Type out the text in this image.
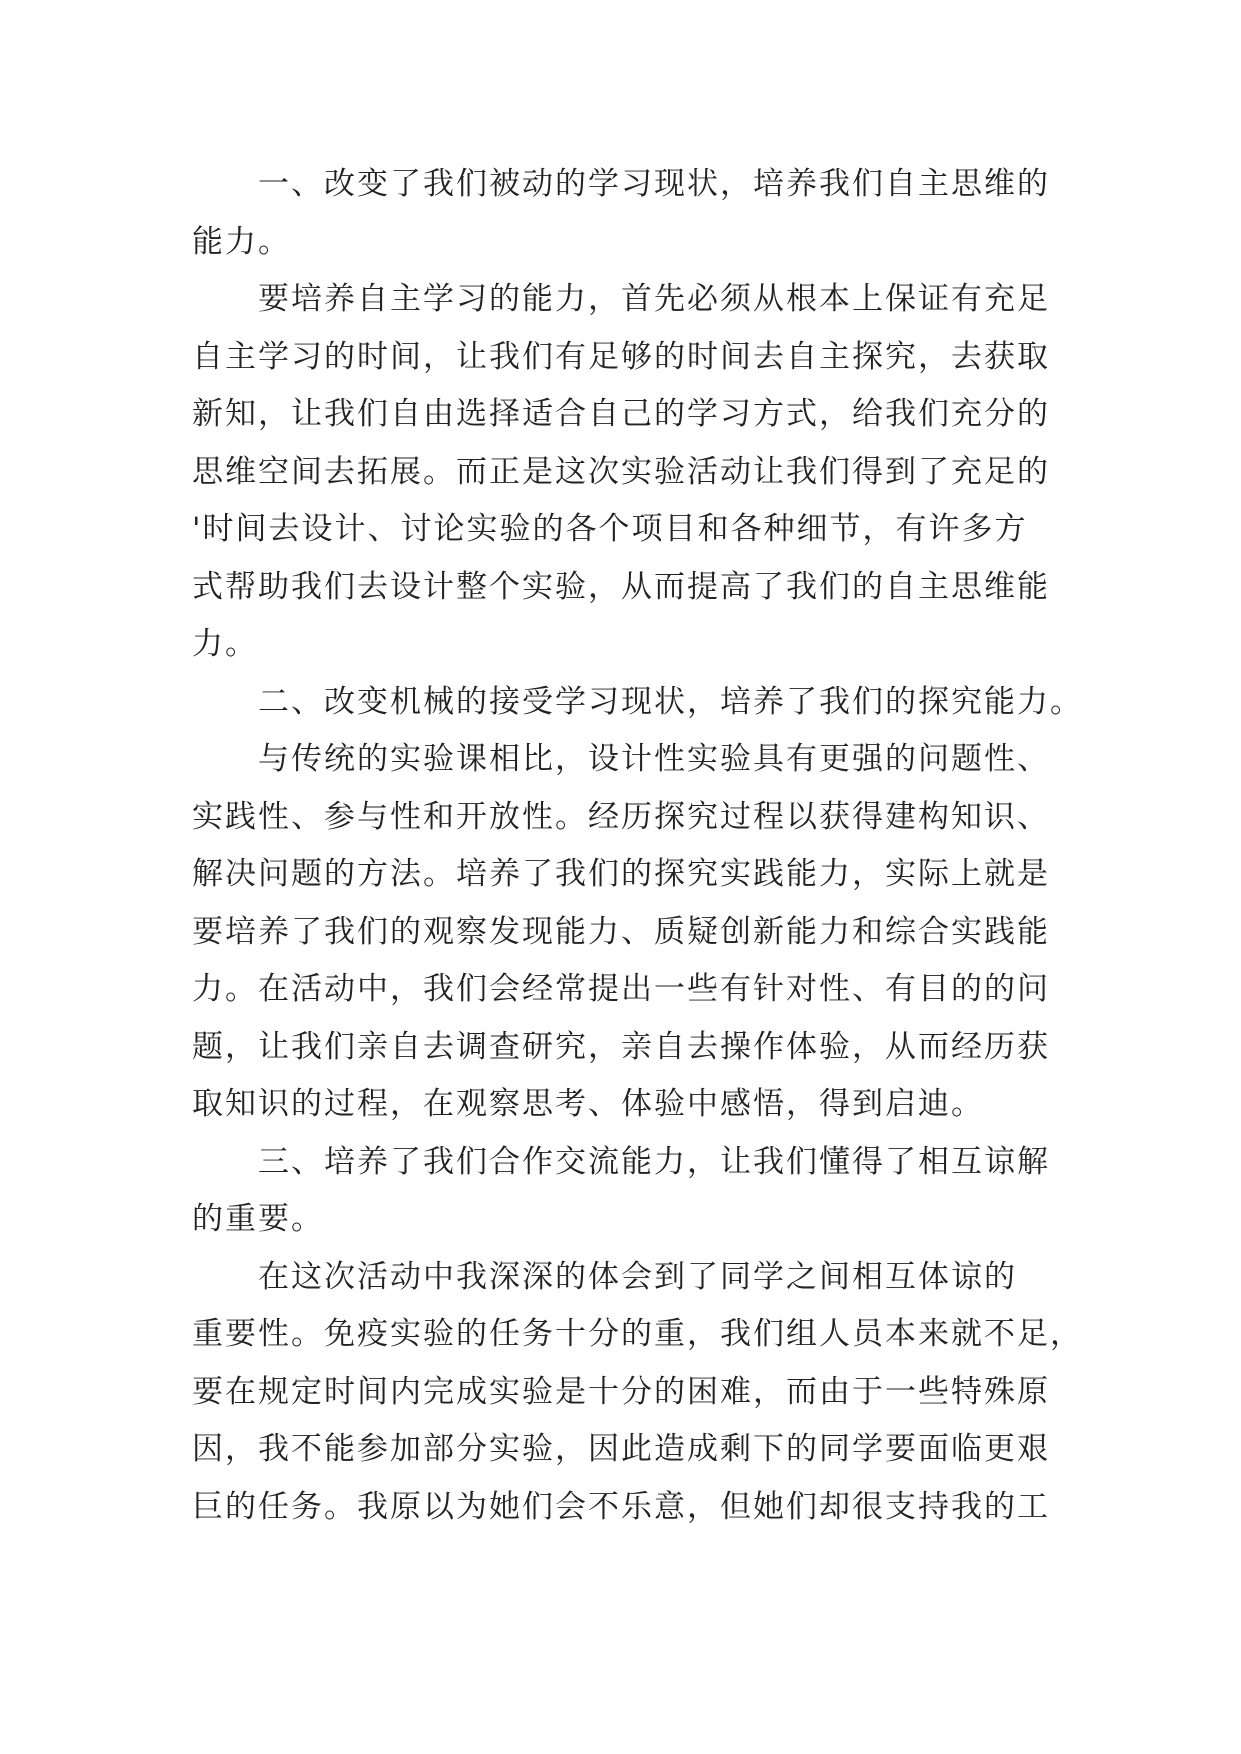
一、改变了我们被动的学习现状，培养我们自主思维的
能力。
要培养自主学习的能力，首先必须从根本上保证有充足
自主学习的时间，让我们有足够的时间去自主探究，去获取
新知，让我们自由选择适合自己的学习方式，给我们充分的
思维空间去拓展。而正是这次实验活动让我们得到了充足的
'时间去设计、讨论实验的各个项目和各种细节，有许多方
式帮助我们去设计整个实验，从而提高了我们的自主思维能
力。
二、改变机械的接受学习现状，培养了我们的探究能力。
与传统的实验课相比，设计性实验具有更强的问题性、
实践性、参与性和开放性。经历探究过程以获得建构知识、
解决问题的方法。培养了我们的探究实践能力，实际上就是
要培养了我们的观察发现能力、质疑创新能力和综合实践能
力。在活动中，我们会经常提出一些有针对性、有目的的问
题，让我们亲自去调查研究，亲自去操作体验，从而经历获
取知识的过程，在观察思考、体验中感悟，得到启迪。
三、培养了我们合作交流能力，让我们懂得了相互谅解
的重要。
在这次活动中我深深的体会到了同学之间相互体谅的
重要性。免疫实验的任务十分的重，我们组人员本来就不足，
要在规定时间内完成实验是十分的困难，而由于一些特殊原
因，我不能参加部分实验，因此造成剩下的同学要面临更艰
巨的任务。我原以为她们会不乐意，但她们却很支持我的工
